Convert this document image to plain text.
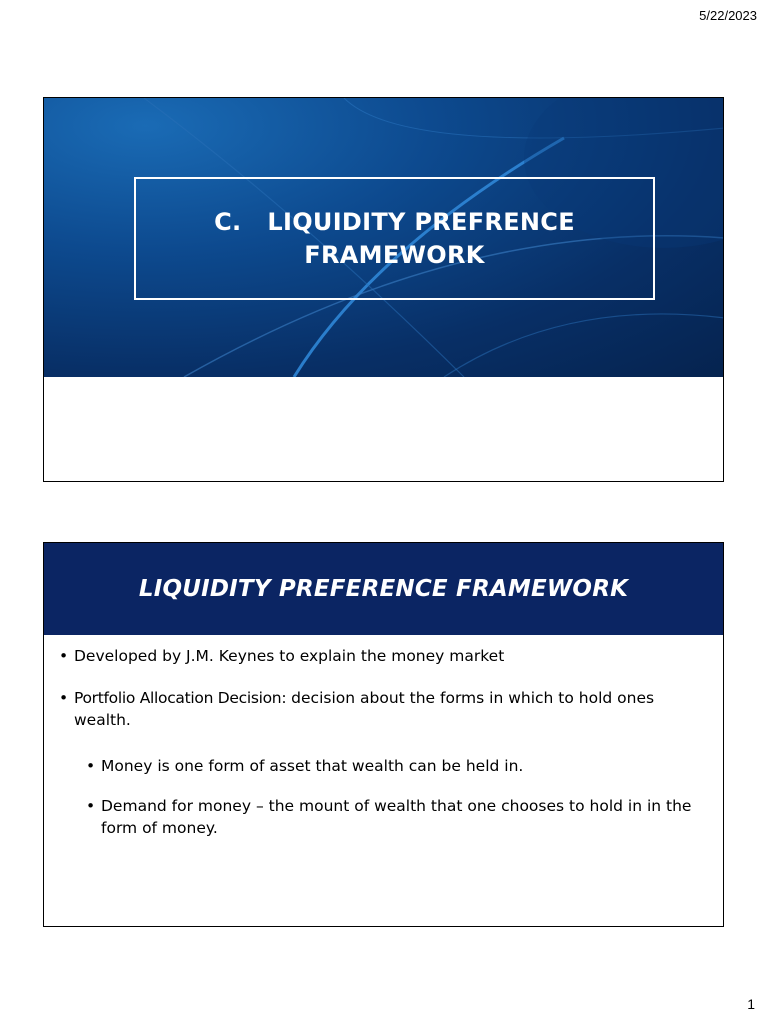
5/22/2023
C.   LIQUIDITY PREFRENCE
FRAMEWORK
LIQUIDITY PREFERENCE FRAMEWORK
• Developed by J.M. Keynes to explain the money market
• Portfolio Allocation Decision: decision about the forms in which to hold ones wealth.
• Money is one form of asset that wealth can be held in.
• Demand for money – the mount of wealth that one chooses to hold in in the form of money.
1
